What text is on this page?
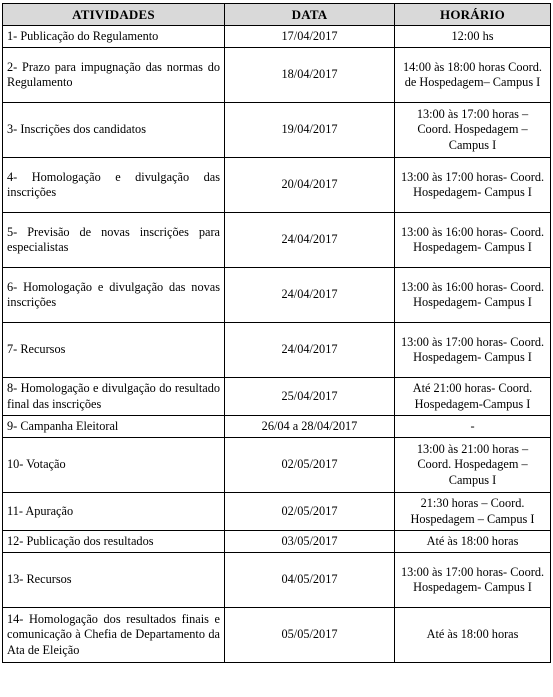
ATIVIDADES	DATA	HORÁRIO
1- Publicação do Regulamento	17/04/2017	12:00 hs
2- Prazo para impugnação das normas do Regulamento	18/04/2017	14:00 às 18:00 horas Coord. de Hospedagem– Campus I
3- Inscrições dos candidatos	19/04/2017	13:00 às 17:00 horas – Coord. Hospedagem – Campus I
4- Homologação e divulgação das inscrições	20/04/2017	13:00 às 17:00 horas- Coord. Hospedagem- Campus I
5- Previsão de novas inscrições para especialistas	24/04/2017	13:00 às 16:00 horas- Coord. Hospedagem- Campus I
6- Homologação e divulgação das novas inscrições	24/04/2017	13:00 às 16:00 horas- Coord. Hospedagem- Campus I
7- Recursos	24/04/2017	13:00 às 17:00 horas- Coord. Hospedagem- Campus I
8- Homologação e divulgação do resultado final das inscrições	25/04/2017	Até 21:00 horas- Coord. Hospedagem-Campus I
9- Campanha Eleitoral	26/04 a 28/04/2017	-
10- Votação	02/05/2017	13:00 às 21:00 horas – Coord. Hospedagem – Campus I
11- Apuração	02/05/2017	21:30 horas – Coord. Hospedagem – Campus I
12- Publicação dos resultados	03/05/2017	Até às 18:00 horas
13- Recursos	04/05/2017	13:00 às 17:00 horas- Coord. Hospedagem- Campus I
14- Homologação dos resultados finais e comunicação à Chefia de Departamento da Ata de Eleição	05/05/2017	Até às 18:00 horas
